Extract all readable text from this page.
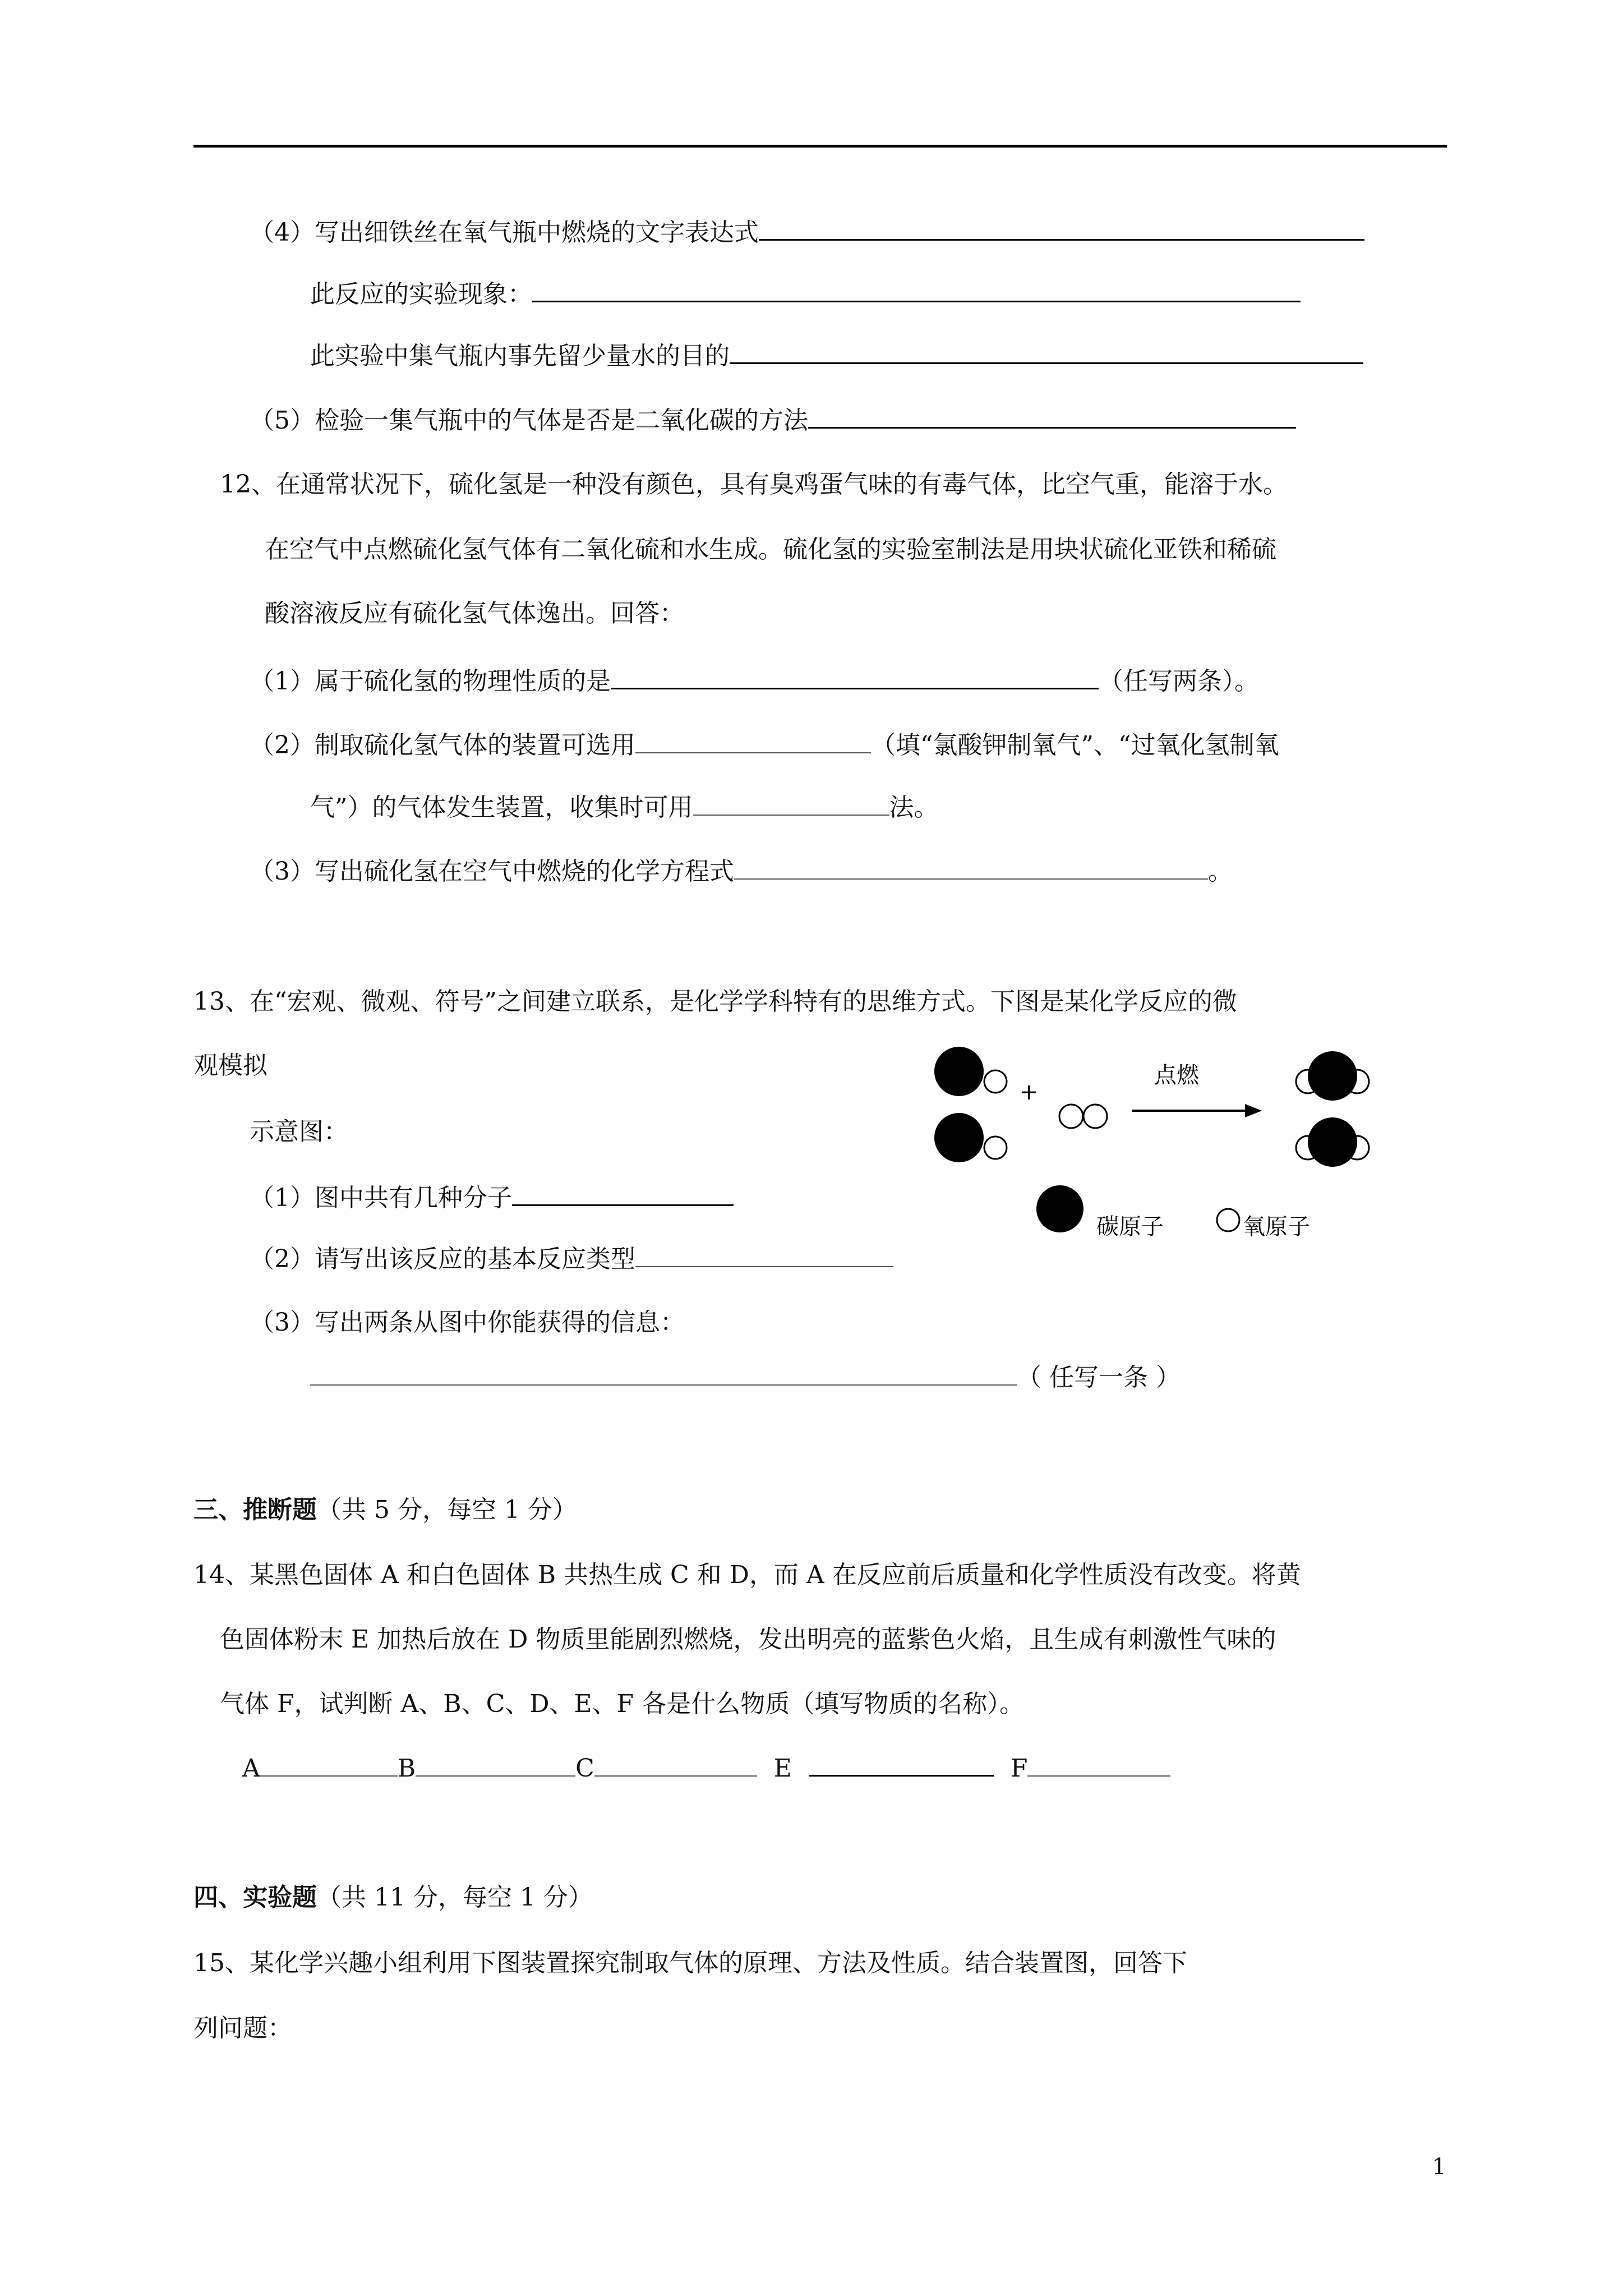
（4）写出细铁丝在氧气瓶中燃烧的文字表达式
此反应的实验现象：
此实验中集气瓶内事先留少量水的目的
（5）检验一集气瓶中的气体是否是二氧化碳的方法
12、在通常状况下，硫化氢是一种没有颜色，具有臭鸡蛋气味的有毒气体，比空气重，能溶于水。
在空气中点燃硫化氢气体有二氧化硫和水生成。硫化氢的实验室制法是用块状硫化亚铁和稀硫
酸溶液反应有硫化氢气体逸出。回答：
（1）属于硫化氢的物理性质的是	（任写两条）。
（2）制取硫化氢气体的装置可选用	（填“氯酸钾制氧气”、“过氧化氢制氧
气”）的气体发生装置，收集时可用	法。
（3）写出硫化氢在空气中燃烧的化学方程式	。
13、在“宏观、微观、符号”之间建立联系，是化学学科特有的思维方式。下图是某化学反应的微
观模拟
示意图：
（1）图中共有几种分子
（2）请写出该反应的基本反应类型
（3）写出两条从图中你能获得的信息：
（ 任写一条 ）
+
点燃
碳原子	氧原子
三、推断题（共 5 分，每空 1 分）
14、某黑色固体 A 和白色固体 B 共热生成 C 和 D，而 A 在反应前后质量和化学性质没有改变。将黄
色固体粉末 E 加热后放在 D 物质里能剧烈燃烧，发出明亮的蓝紫色火焰，且生成有刺激性气味的
气体 F，试判断 A、B、C、D、E、F 各是什么物质（填写物质的名称）。
A	B	C	E	F
四、实验题（共 11 分，每空 1 分）
15、某化学兴趣小组利用下图装置探究制取气体的原理、方法及性质。结合装置图，回答下
列问题：
1
